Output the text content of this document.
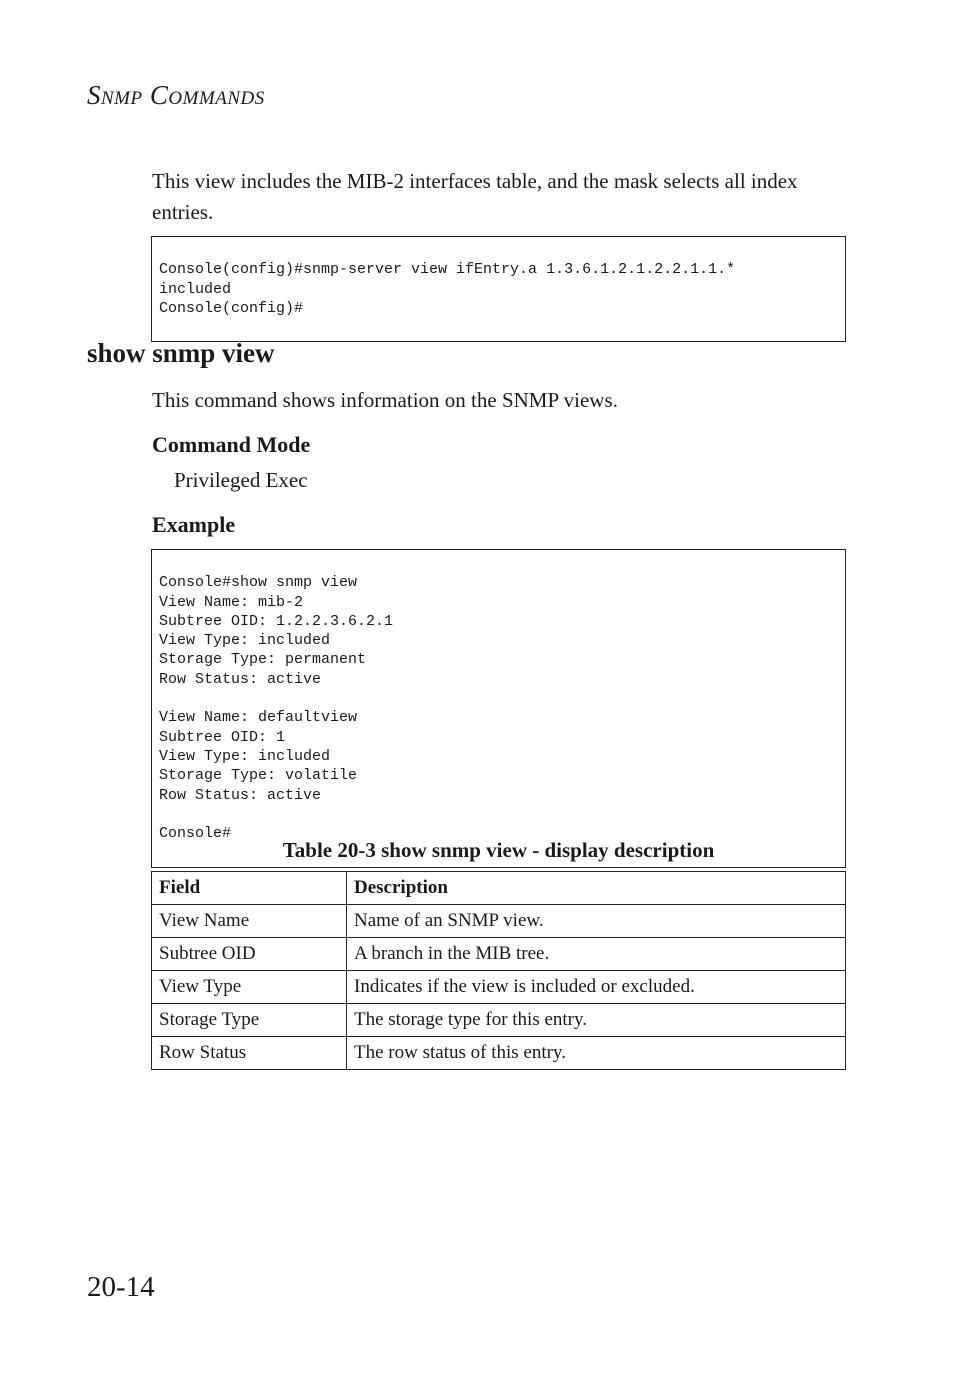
SNMP COMMANDS
This view includes the MIB-2 interfaces table, and the mask selects all index entries.

Console(config)#snmp-server view ifEntry.a 1.3.6.1.2.1.2.2.1.1.*
included
Console(config)#

show snmp view
This command shows information on the SNMP views.
Command Mode
Privileged Exec
Example

Console#show snmp view
View Name: mib-2
Subtree OID: 1.2.2.3.6.2.1
View Type: included
Storage Type: permanent
Row Status: active
View Name: defaultview
Subtree OID: 1
View Type: included
Storage Type: volatile
Row Status: active
Console#

Table 20-3 show snmp view - display description
Field	Description
View Name	Name of an SNMP view.
Subtree OID	A branch in the MIB tree.
View Type	Indicates if the view is included or excluded.
Storage Type	The storage type for this entry.
Row Status	The row status of this entry.
20-14
